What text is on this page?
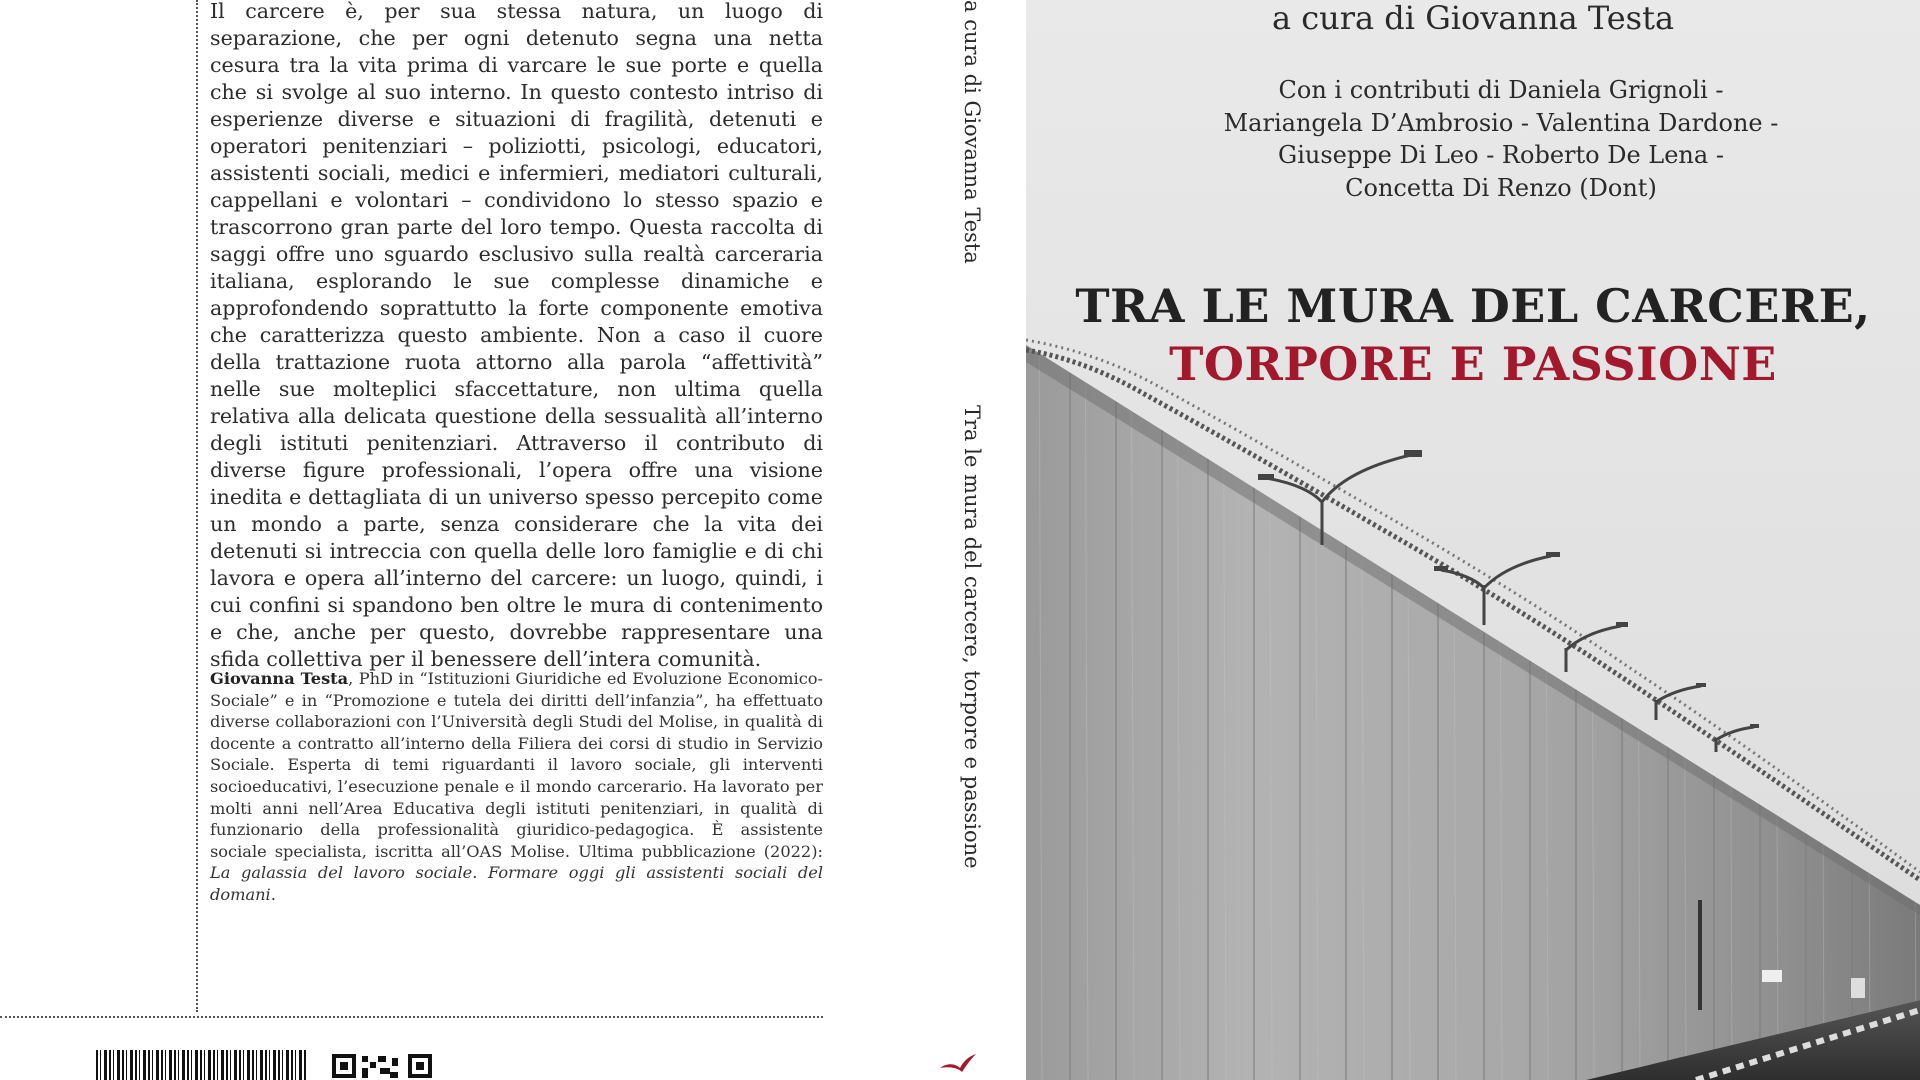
Il carcere è, per sua stessa natura, un luogo di separazione, che per ogni detenuto segna una netta cesura tra la vita prima di varcare le sue porte e quella che si svolge al suo interno. In questo contesto intriso di esperienze diverse e situazioni di fragilità, detenuti e operatori penitenziari – poliziotti, psicologi, educatori, assistenti sociali, medici e infermieri, mediatori culturali, cappellani e volontari – condividono lo stesso spazio e trascorrono gran parte del loro tempo. Questa raccolta di saggi offre uno sguardo esclusivo sulla realtà carceraria italiana, esplorando le sue complesse dinamiche e approfondendo soprattutto la forte componente emotiva che caratterizza questo ambiente. Non a caso il cuore della trattazione ruota attorno alla parola “affettività” nelle sue molteplici sfaccettature, non ultima quella relativa alla delicata questione della sessualità all’interno degli istituti penitenziari. Attraverso il contributo di diverse figure professionali, l’opera offre una visione inedita e dettagliata di un universo spesso percepito come un mondo a parte, senza considerare che la vita dei detenuti si intreccia con quella delle loro famiglie e di chi lavora e opera all’interno del carcere: un luogo, quindi, i cui confini si spandono ben oltre le mura di contenimento e che, anche per questo, dovrebbe rappresentare una sfida collettiva per il benessere dell’intera comunità.

Giovanna Testa, PhD in “Istituzioni Giuridiche ed Evoluzione Economico-Sociale” e in “Promozione e tutela dei diritti dell’infanzia”, ha effettuato diverse collaborazioni con l’Università degli Studi del Molise, in qualità di docente a contratto all’interno della Filiera dei corsi di studio in Servizio Sociale. Esperta di temi riguardanti il lavoro sociale, gli interventi socioeducativi, l’esecuzione penale e il mondo carcerario. Ha lavorato per molti anni nell’Area Educativa degli istituti penitenziari, in qualità di funzionario della professionalità giuridico-pedagogica. È assistente sociale specialista, iscritta all’OAS Molise. Ultima pubblicazione (2022): La galassia del lavoro sociale. Formare oggi gli assistenti sociali del domani.

a cura di Giovanna Testa
Tra le mura del carcere, torpore e passione
a cura di Giovanna Testa
Con i contributi di Daniela Grignoli -
Mariangela D’Ambrosio - Valentina Dardone -
Giuseppe Di Leo - Roberto De Lena -
Concetta Di Renzo (Dont)
TRA LE MURA DEL CARCERE,
TORPORE E PASSIONE
